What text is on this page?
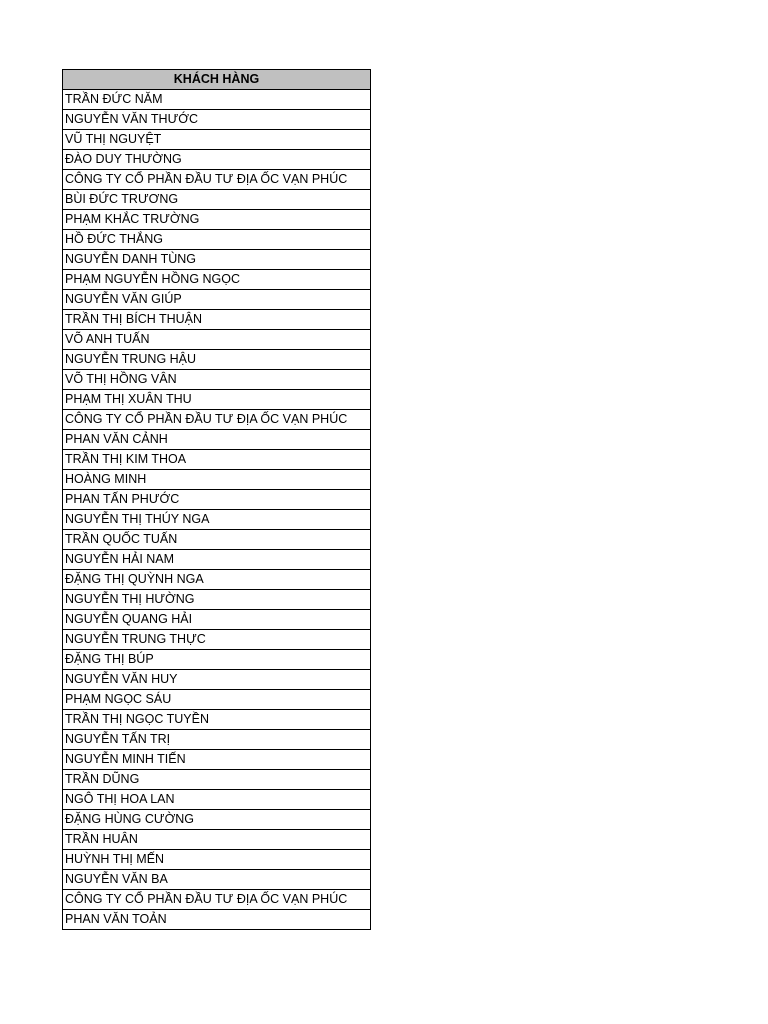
KHÁCH HÀNG
TRẦN ĐỨC NĂM
NGUYỄN VĂN THƯỚC
VŨ THỊ NGUYỆT
ĐÀO DUY THƯỜNG
CÔNG TY CỔ PHẦN ĐẦU TƯ ĐỊA ỐC VẠN PHÚC
BÙI ĐỨC TRƯƠNG
PHẠM KHẮC TRƯỜNG
HỒ ĐỨC THẮNG
NGUYỄN DANH TÙNG
PHẠM NGUYỄN HỒNG NGỌC
NGUYỄN VĂN GIÚP
TRẦN THỊ BÍCH THUẬN
VÕ ANH TUẤN
NGUYỄN TRUNG HẬU
VÕ THỊ HỒNG VÂN
PHẠM THỊ XUÂN THU
CÔNG TY CỔ PHẦN ĐẦU TƯ ĐỊA ỐC VẠN PHÚC
PHAN VĂN CẢNH
TRẦN THỊ KIM THOA
HOÀNG MINH
PHAN TẤN PHƯỚC
NGUYỄN THỊ THÚY NGA
TRẦN QUỐC TUẤN
NGUYỄN HẢI NAM
ĐẶNG THỊ QUỲNH NGA
NGUYỄN THỊ HƯỜNG
NGUYỄN QUANG HẢI
NGUYỄN TRUNG THỰC
ĐẶNG THỊ BÚP
NGUYỄN VĂN HUY
PHẠM NGỌC SÁU
TRẦN THỊ NGỌC TUYỀN
NGUYỄN TẤN TRỊ
NGUYỄN MINH TIẾN
TRẦN DŨNG
NGÔ THỊ HOA LAN
ĐẶNG HÙNG CƯỜNG
TRẦN HUÂN
HUỲNH THỊ MẾN
NGUYỄN VĂN BA
CÔNG TY CỔ PHẦN ĐẦU TƯ ĐỊA ỐC VẠN PHÚC
PHAN VĂN TOẢN
